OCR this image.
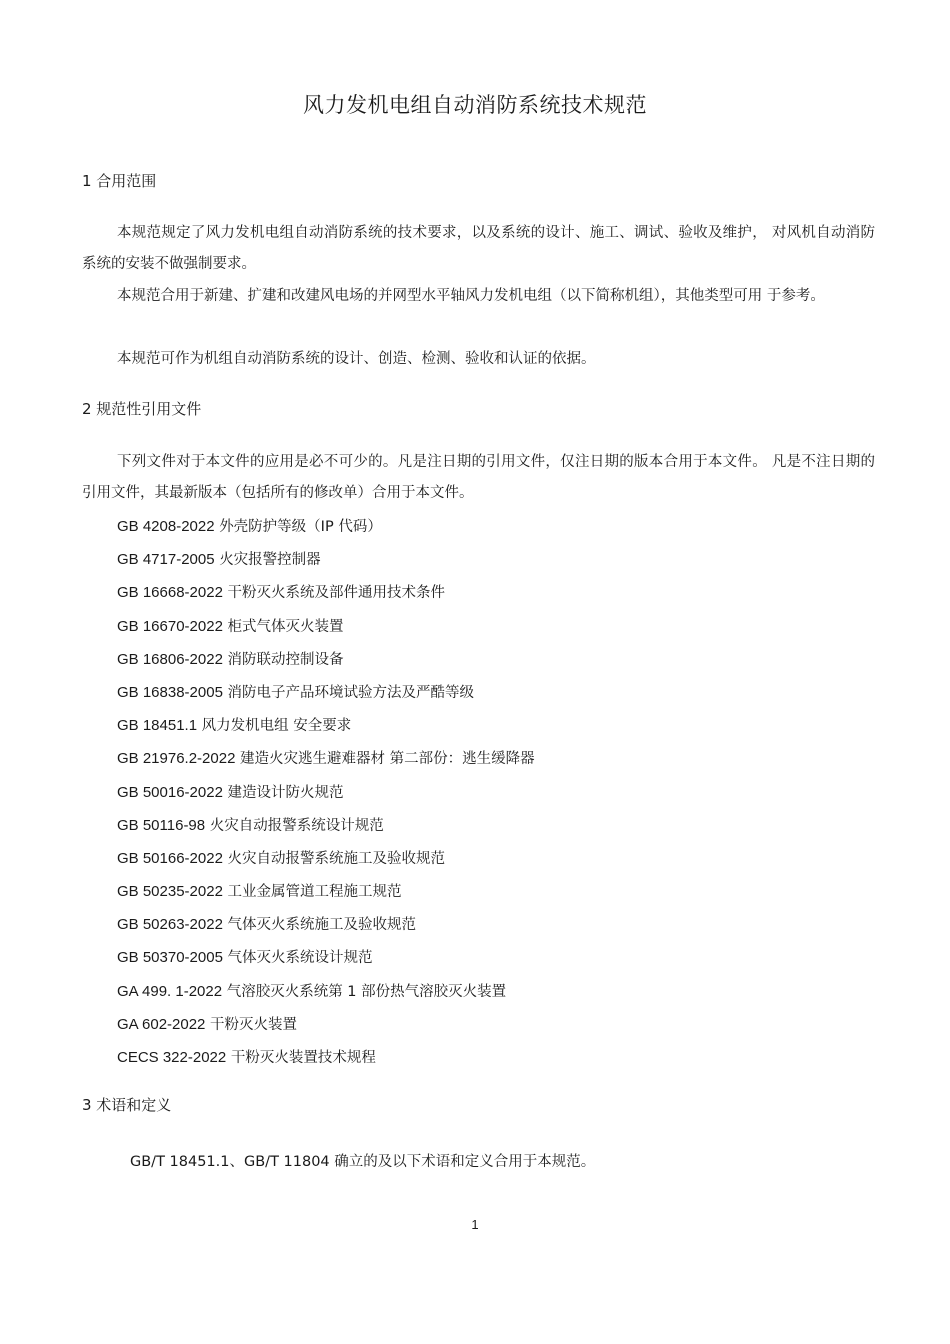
风力发机电组自动消防系统技术规范
1 合用范围

本规范规定了风力发机电组自动消防系统的技术要求，以及系统的设计、施工、调试、验收及维护， 对风机自动消防系统的安装不做强制要求。

本规范合用于新建、扩建和改建风电场的并网型水平轴风力发机电组（以下简称机组），其他类型可用 于参考。

本规范可作为机组自动消防系统的设计、创造、检测、验收和认证的依据。

2 规范性引用文件

下列文件对于本文件的应用是必不可少的。凡是注日期的引用文件，仅注日期的版本合用于本文件。 凡是不注日期的引用文件，其最新版本（包括所有的修改单）合用于本文件。

GB 4208-2022 外壳防护等级（IP 代码）
GB 4717-2005 火灾报警控制器
GB 16668-2022 干粉灭火系统及部件通用技术条件
GB 16670-2022 柜式气体灭火装置
GB 16806-2022 消防联动控制设备
GB 16838-2005 消防电子产品环境试验方法及严酷等级
GB 18451.1 风力发机电组 安全要求
GB 21976.2-2022 建造火灾逃生避难器材 第二部份：逃生缓降器
GB 50016-2022 建造设计防火规范
GB 50116-98 火灾自动报警系统设计规范
GB 50166-2022 火灾自动报警系统施工及验收规范
GB 50235-2022 工业金属管道工程施工规范
GB 50263-2022 气体灭火系统施工及验收规范
GB 50370-2005 气体灭火系统设计规范
GA 499. 1-2022 气溶胶灭火系统第 1 部份热气溶胶灭火装置
GA 602-2022 干粉灭火装置
CECS 322-2022 干粉灭火装置技术规程
3 术语和定义

GB/T 18451.1、GB/T 11804 确立的及以下术语和定义合用于本规范。

1
